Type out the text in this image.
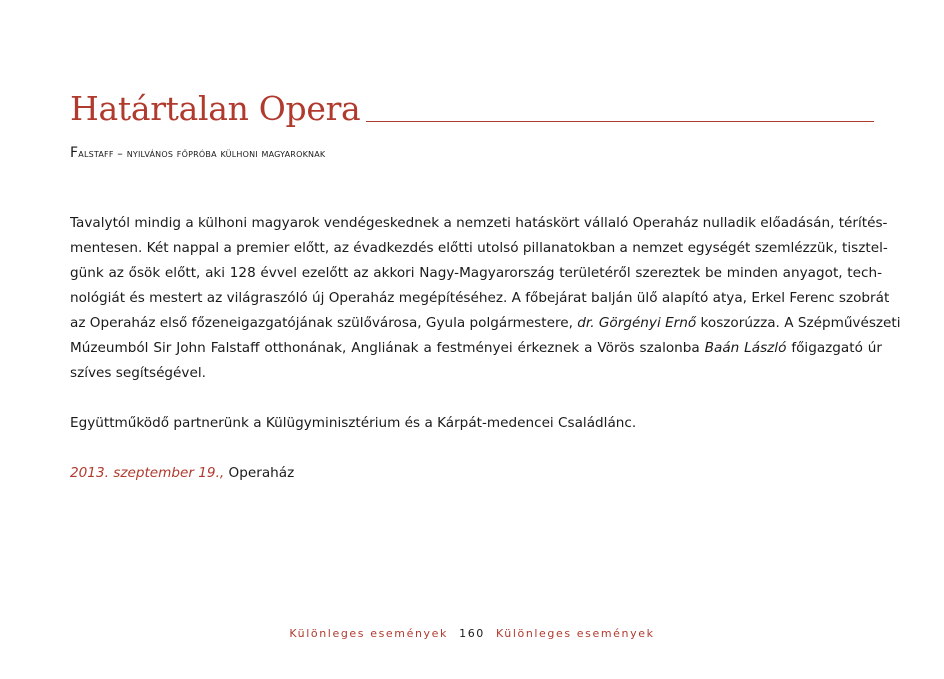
Határtalan Opera
Falstaff – nyilvános főpróba külhoni magyaroknak

Tavalytól mindig a külhoni magyarok vendégeskednek a nemzeti hatáskört vállaló Operaház nulladik előadásán, térítés-
mentesen. Két nappal a premier előtt, az évadkezdés előtti utolsó pillanatokban a nemzet egységét szemlézzük, tisztel-
günk az ősök előtt, aki 128 évvel ezelőtt az akkori Nagy-Magyarország területéről szereztek be minden anyagot, tech-
nológiát és mestert az világraszóló új Operaház megépítéséhez. A főbejárat balján ülő alapító atya, Erkel Ferenc szobrát
az Operaház első főzeneigazgatójának szülővárosa, Gyula polgármestere, dr. Görgényi Ernő koszorúzza. A Szépművészeti
Múzeumból Sir John Falstaff otthonának, Angliának a festményei érkeznek a Vörös szalonba Baán László főigazgató úr
szíves segítségével.

Együttműködő partnerünk a Külügyminisztérium és a Kárpát-medencei Családlánc.

2013. szeptember 19., Operaház

Különleges események 160 Különleges események
